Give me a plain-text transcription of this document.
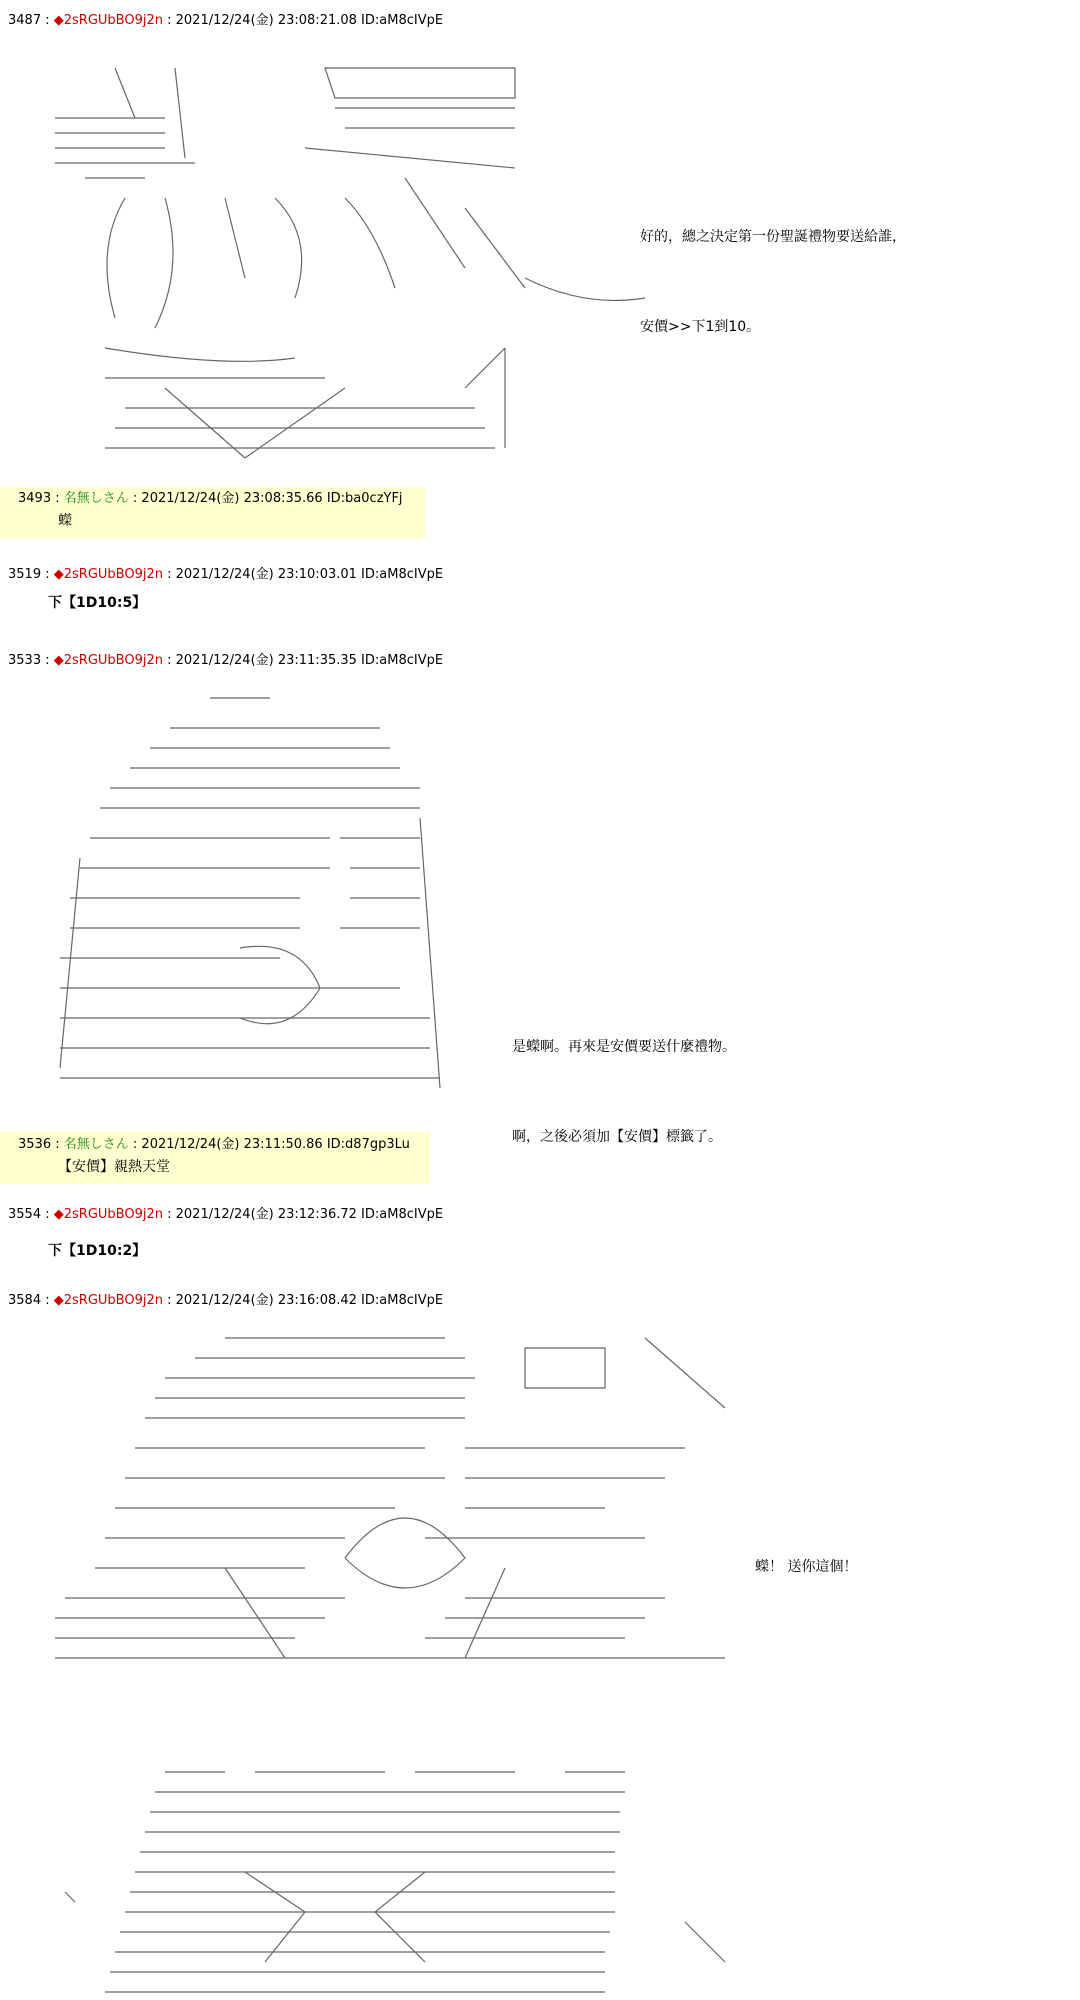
3487 : ◆2sRGUbBO9j2n : 2021/12/24(金) 23:08:21.08 ID:aM8cIVpE

好的，總之決定第一份聖誕禮物要送給誰，

安價>>下1到10。

3493 : 名無しさん : 2021/12/24(金) 23:08:35.66 ID:ba0czYFj
蠑
3519 : ◆2sRGUbBO9j2n : 2021/12/24(金) 23:10:03.01 ID:aM8cIVpE
下【1D10:5】
3533 : ◆2sRGUbBO9j2n : 2021/12/24(金) 23:11:35.35 ID:aM8cIVpE

是蠑啊。再來是安價要送什麼禮物。

啊，之後必須加【安價】標籤了。

3536 : 名無しさん : 2021/12/24(金) 23:11:50.86 ID:d87gp3Lu
【安價】親熱天堂
3554 : ◆2sRGUbBO9j2n : 2021/12/24(金) 23:12:36.72 ID:aM8cIVpE
下【1D10:2】
3584 : ◆2sRGUbBO9j2n : 2021/12/24(金) 23:16:08.42 ID:aM8cIVpE

蠑！ 送你這個！
